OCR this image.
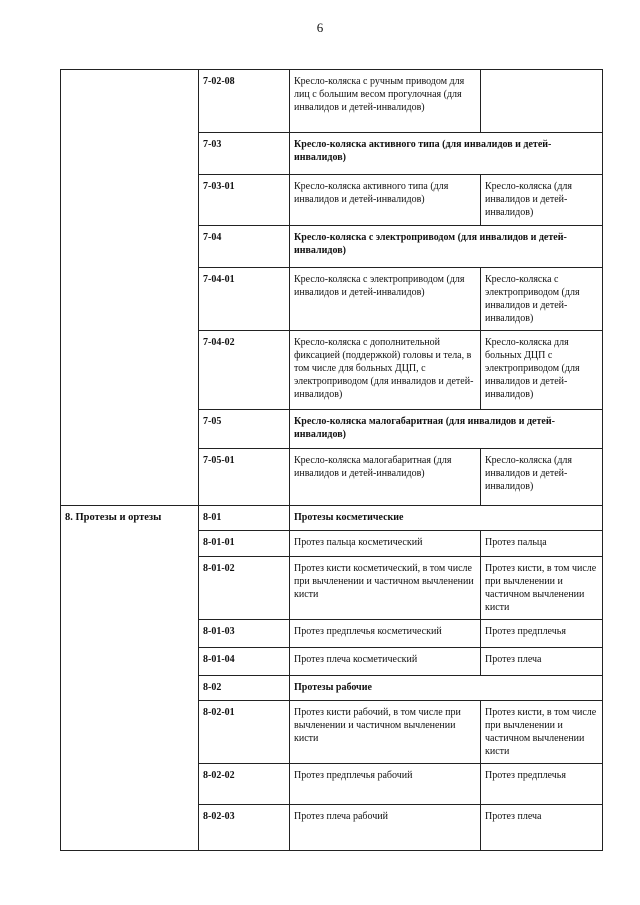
6
	7-02-08	Кресло-коляска с ручным приводом для лиц с большим весом прогулочная (для инвалидов и детей-инвалидов)	
	7-03	Кресло-коляска активного типа (для инвалидов и детей-инвалидов)	
	7-03-01	Кресло-коляска активного типа (для инвалидов и детей-инвалидов)	Кресло-коляска (для инвалидов и детей-инвалидов)
	7-04	Кресло-коляска с электроприводом (для инвалидов и детей-инвалидов)	
	7-04-01	Кресло-коляска с электроприводом (для инвалидов и детей-инвалидов)	Кресло-коляска с электроприводом (для инвалидов и детей-инвалидов)
	7-04-02	Кресло-коляска с дополнительной фиксацией (поддержкой) головы и тела, в том числе для больных ДЦП, с электроприводом (для инвалидов и детей-инвалидов)	Кресло-коляска для больных ДЦП с электроприводом (для инвалидов и детей-инвалидов)
	7-05	Кресло-коляска малогабаритная (для инвалидов и детей-инвалидов)	
	7-05-01	Кресло-коляска малогабаритная (для инвалидов и детей-инвалидов)	Кресло-коляска (для инвалидов и детей-инвалидов)
8. Протезы и ортезы	8-01	Протезы косметические	
	8-01-01	Протез пальца косметический	Протез пальца
	8-01-02	Протез кисти косметический, в том числе при вычленении и частичном вычленении кисти	Протез кисти, в том числе при вычленении и частичном вычленении кисти
	8-01-03	Протез предплечья косметический	Протез предплечья
	8-01-04	Протез плеча косметический	Протез плеча
	8-02	Протезы рабочие	
	8-02-01	Протез кисти рабочий, в том числе при вычленении и частичном вычленении кисти	Протез кисти, в том числе при вычленении и частичном вычленении кисти
	8-02-02	Протез предплечья рабочий	Протез предплечья
	8-02-03	Протез плеча рабочий	Протез плеча
